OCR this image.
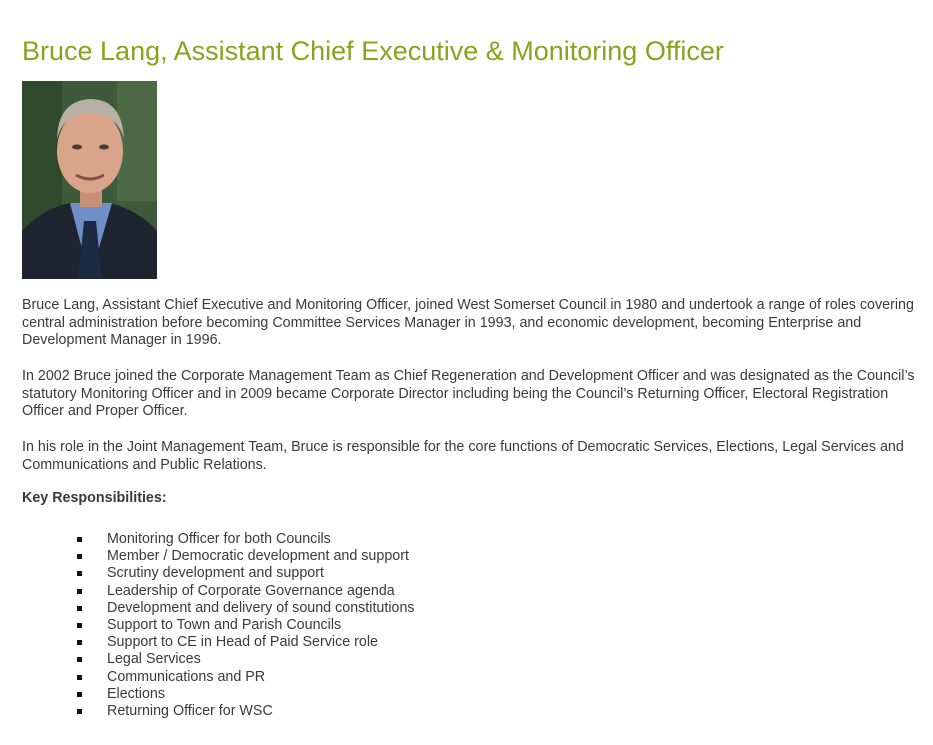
Bruce Lang, Assistant Chief Executive & Monitoring Officer

Bruce Lang, Assistant Chief Executive and Monitoring Officer, joined West Somerset Council in 1980 and undertook a range of roles covering central administration before becoming Committee Services Manager in 1993, and economic development, becoming Enterprise and Development Manager in 1996.

In 2002 Bruce joined the Corporate Management Team as Chief Regeneration and Development Officer and was designated as the Council’s statutory Monitoring Officer and in 2009 became Corporate Director including being the Council’s Returning Officer, Electoral Registration Officer and Proper Officer.

In his role in the Joint Management Team, Bruce is responsible for the core functions of Democratic Services, Elections, Legal Services and Communications and Public Relations.

Key Responsibilities:
Monitoring Officer for both Councils
Member / Democratic development and support
Scrutiny development and support
Leadership of Corporate Governance agenda
Development and delivery of sound constitutions
Support to Town and Parish Councils
Support to CE in Head of Paid Service role
Legal Services
Communications and PR
Elections
Returning Officer for WSC
